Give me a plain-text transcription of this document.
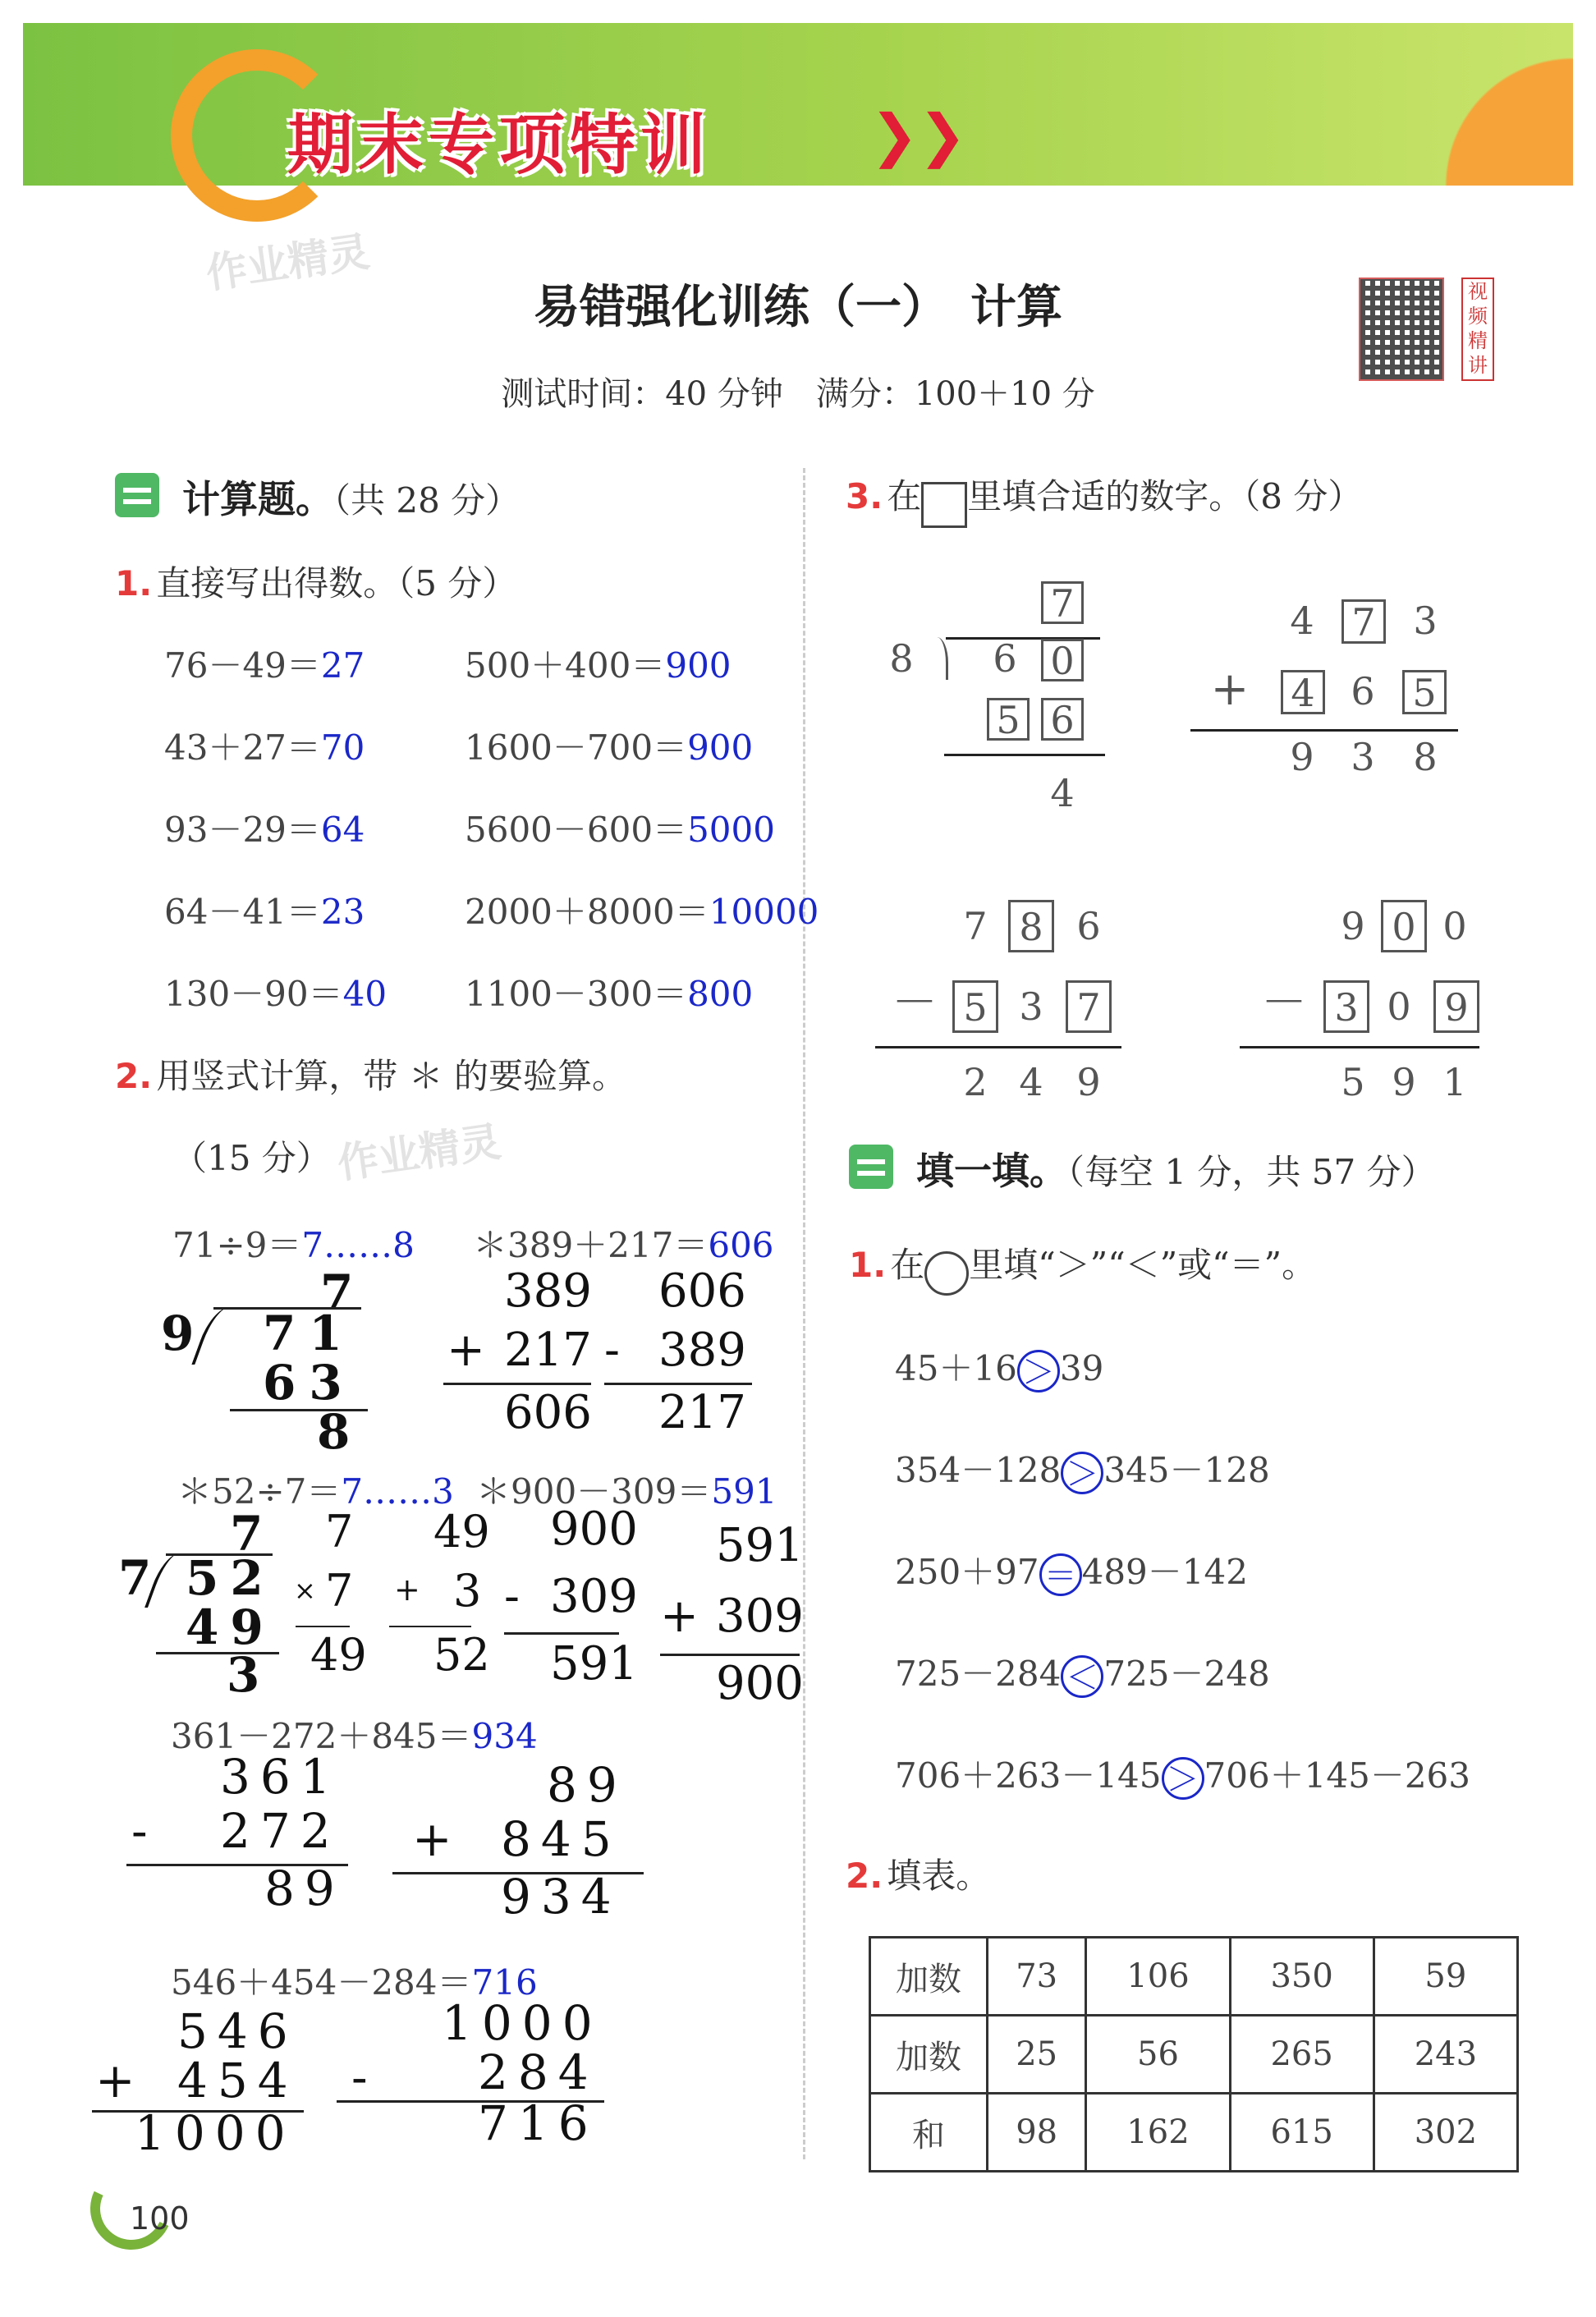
期末专项特训	❯❯
作业精灵
作业精灵
易错强化训练（一）　计算
测试时间：40 分钟　满分：100＋10 分
视频精讲
计算题。（共 28 分）
1. 直接写出得数。（5 分）
76－49＝27
43＋27＝70
93－29＝64
64－41＝23
130－90＝40
500＋400＝900
1600－700＝900
5600－600＝5000
2000＋8000＝10000
1100－300＝800
2. 用竖式计算，带 ＊ 的要验算。
（15 分）
71÷9＝7……8 ＊389＋217＝606
7
9 71
63
8
389
+ 217
606
606
- 389
217
＊52÷7＝7……3 ＊900－309＝591
7
7 52
49
3
7
× 7
49
49
+ 3
52
900
- 309
591
591
+ 309
900
361－272＋845＝934
361
- 272
89
89
+ 845
934
546＋454－284＝716
546
+ 454
1000
1000
- 284
716
3. 在 里填合适的数字。（8 分）
7
8 6 0
5 6
4
4 7 3
+ 4 6 5
9 3 8
7 8 6
－ 5 3 7
2 4 9
9 0 0
－ 3 0 9
5 9 1
填一填。（每空 1 分，共 57 分）
1. 在 里填“＞”“＜”或“＝”。
45＋16 ＞ 39
354－128 ＞ 345－128
250＋97 ＝ 489－142
725－284 ＜ 725－248
706＋263－145 ＞ 706＋145－263
2. 填表。
加数	73	106	350	59
加数	25	56	265	243
和	98	162	615	302
100
